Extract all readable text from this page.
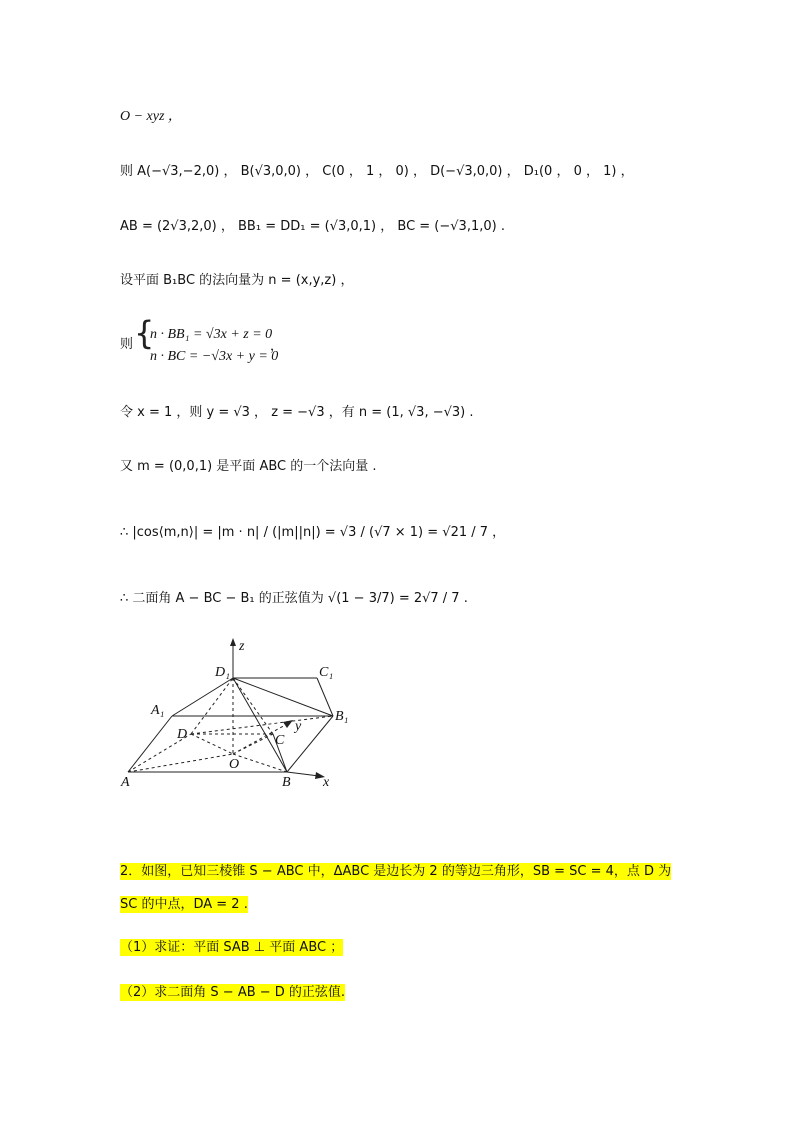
O − xyz ，
则 A(−√3,−2,0) ， B(√3,0,0) ， C(0 ， 1 ， 0) ， D(−√3,0,0) ， D₁(0 ， 0 ， 1) ，
AB = (2√3,2,0) ， BB₁ = DD₁ = (√3,0,1) ， BC = (−√3,1,0) .
设平面 B₁BC 的法向量为 n = (x,y,z) ，
则 {
n · BB₁ = √3x + z = 0
n · BC = −√3x + y = 0
，
令 x = 1 ，则 y = √3 ， z = −√3 ，有 n = (1, √3, −√3) .
又 m = (0,0,1) 是平面 ABC 的一个法向量 .
∴ |cos⟨m,n⟩| = |m · n| / (|m||n|) = √3 / (√7 × 1) = √21 / 7 ，
∴ 二面角 A − BC − B₁ 的正弦值为 √(1 − 3/7) = 2√7 / 7 .
z
D₁	C₁
A₁	B₁
y
D	C
O
A	B x
2．如图，已知三棱锥 S − ABC 中，ΔABC 是边长为 2 的等边三角形，SB = SC = 4，点 D 为
SC 的中点，DA = 2 .
（1）求证：平面 SAB ⊥ 平面 ABC ；
（2）求二面角 S − AB − D 的正弦值.
